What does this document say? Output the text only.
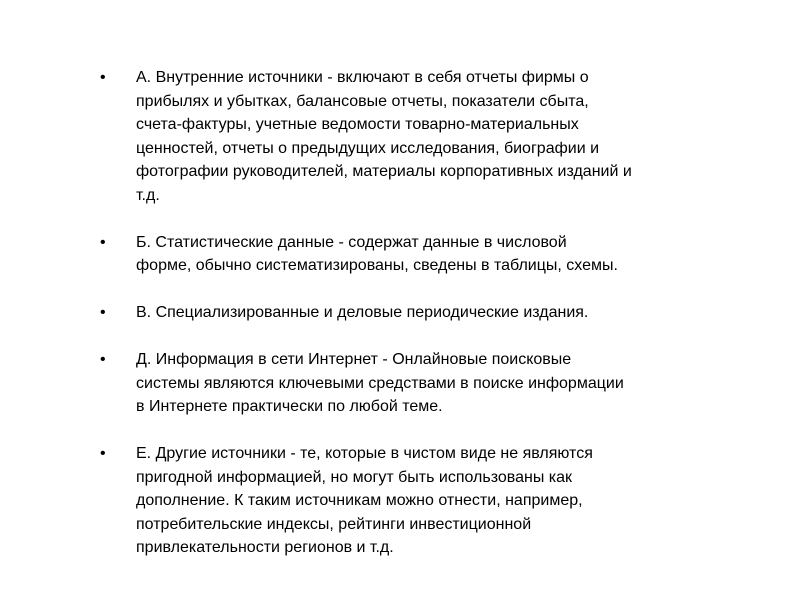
•	А. Внутренние источники - включают в себя отчеты фирмы о
прибылях и убытках, балансовые отчеты, показатели сбыта,
счета-фактуры, учетные ведомости товарно-материальных
ценностей, отчеты о предыдущих исследования, биографии и
фотографии руководителей, материалы корпоративных изданий и
т.д.
•	Б. Статистические данные - содержат данные в числовой
форме, обычно систематизированы, сведены в таблицы, схемы.
•	В. Специализированные и деловые периодические издания.
•	Д. Информация в сети Интернет - Онлайновые поисковые
системы являются ключевыми средствами в поиске информации
в Интернете практически по любой теме.
•	Е. Другие источники - те, которые в чистом виде не являются
пригодной информацией, но могут быть использованы как
дополнение. К таким источникам можно отнести, например,
потребительские индексы, рейтинги инвестиционной
привлекательности регионов и т.д.
